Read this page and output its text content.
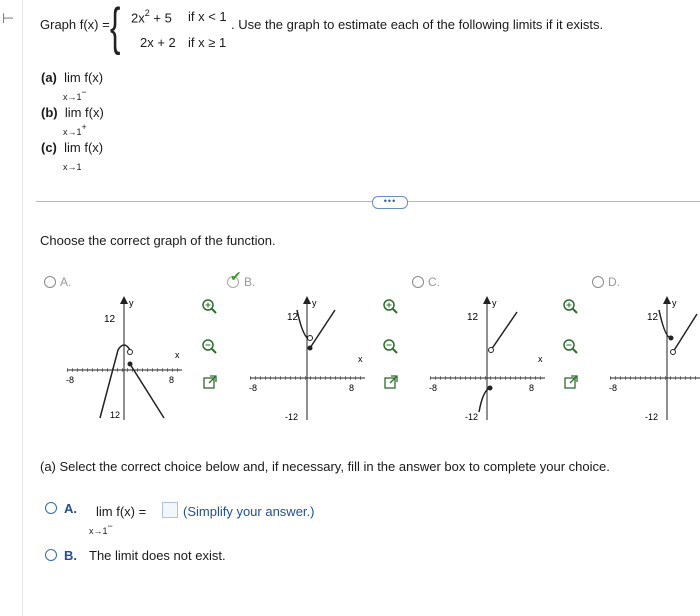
⊢ Graph f(x) = { $2x^2 + 5$ if x < 1
2x + 2 if x ≥ 1
. Use the graph to estimate each of the following limits if it exists.
(a) lim f(x)
x→1−
(b) lim f(x)
x→1+
(c) lim f(x)
x→1
•••
Choose the correct graph of the function.
A.	✔ B.	C.	D.
y
12
x
-8	8
12
y
12
x
-8	8
-12
y
12
x
-8	8
-12
y
12
-8
-12
(a) Select the correct choice below and, if necessary, fill in the answer box to complete your choice.
A. lim f(x) =	(Simplify your answer.)
x→1−
B. The limit does not exist.
